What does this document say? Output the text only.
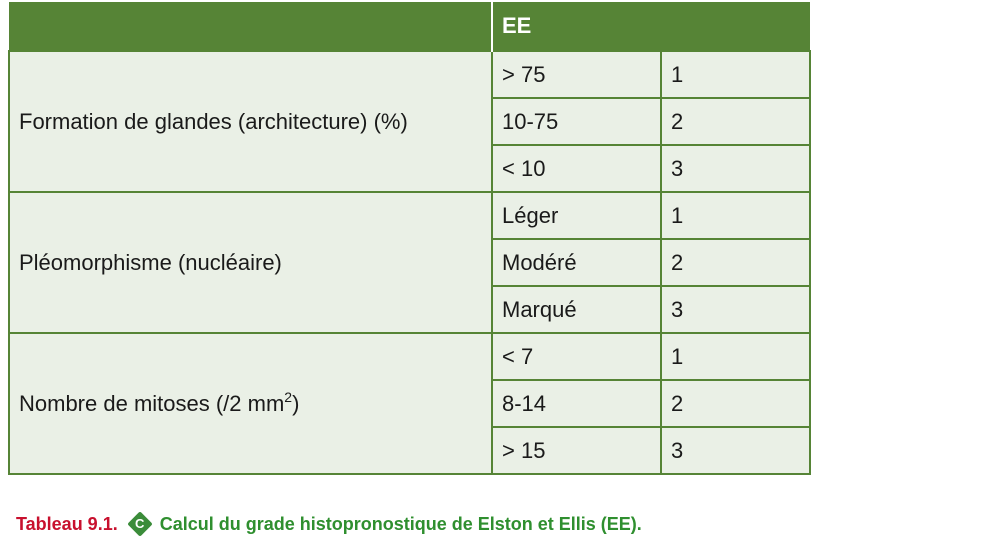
	EE	
Formation de glandes (architecture) (%)	> 75	1
	10-75	2
	< 10	3
Pléomorphisme (nucléaire)	Léger	1
	Modéré	2
	Marqué	3
Nombre de mitoses (/2 $mm^2$)	< 7	1
	8-14	2
	> 15	3
Tableau 9.1.	C Calcul du grade histopronostique de Elston et Ellis (EE).
